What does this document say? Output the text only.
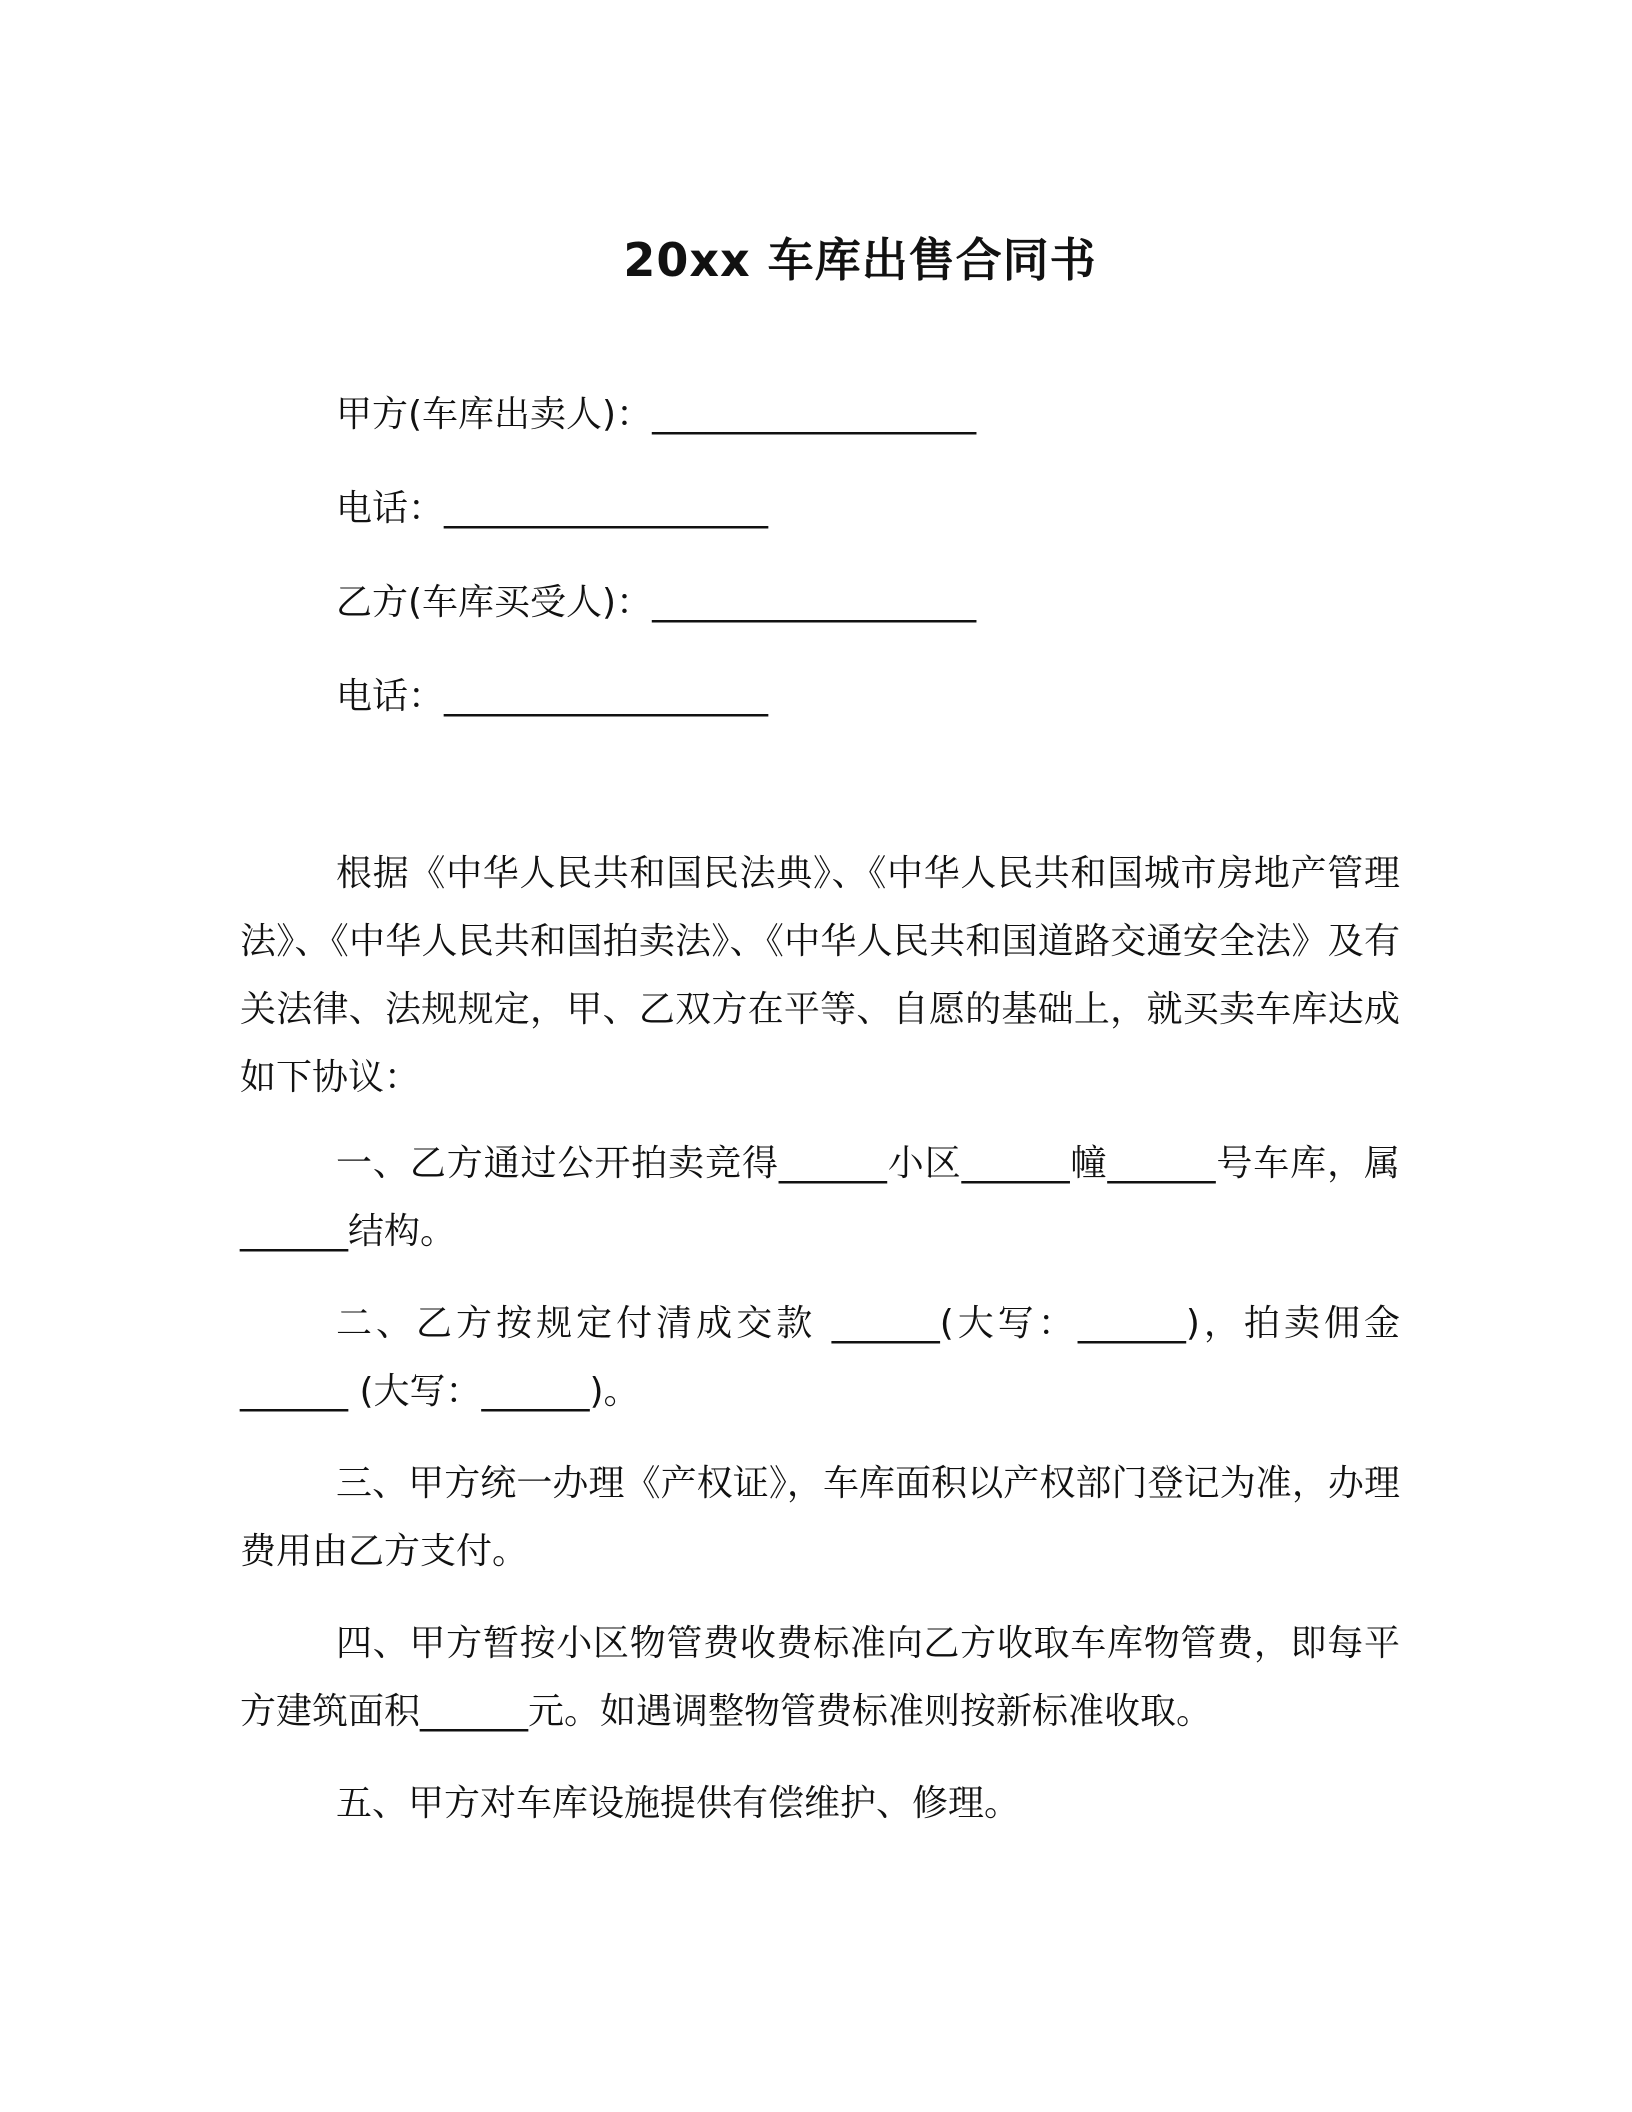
20xx 车库出售合同书

甲方(车库出卖人)：__________________

电话：__________________

乙方(车库买受人)：__________________

电话：__________________

根据《中华人民共和国民法典》、《中华人民共和国城市房地产管理法》、《中华人民共和国拍卖法》、《中华人民共和国道路交通安全法》及有关法律、法规规定，甲、乙双方在平等、自愿的基础上，就买卖车库达成如下协议：

一、乙方通过公开拍卖竞得______小区______幢______号车库，属______结构。

二、乙方按规定付清成交款 ______(大写：______)，拍卖佣金______ (大写：______)。

三、甲方统一办理《产权证》，车库面积以产权部门登记为准，办理费用由乙方支付。

四、甲方暂按小区物管费收费标准向乙方收取车库物管费，即每平方建筑面积______元。如遇调整物管费标准则按新标准收取。

五、甲方对车库设施提供有偿维护、修理。
